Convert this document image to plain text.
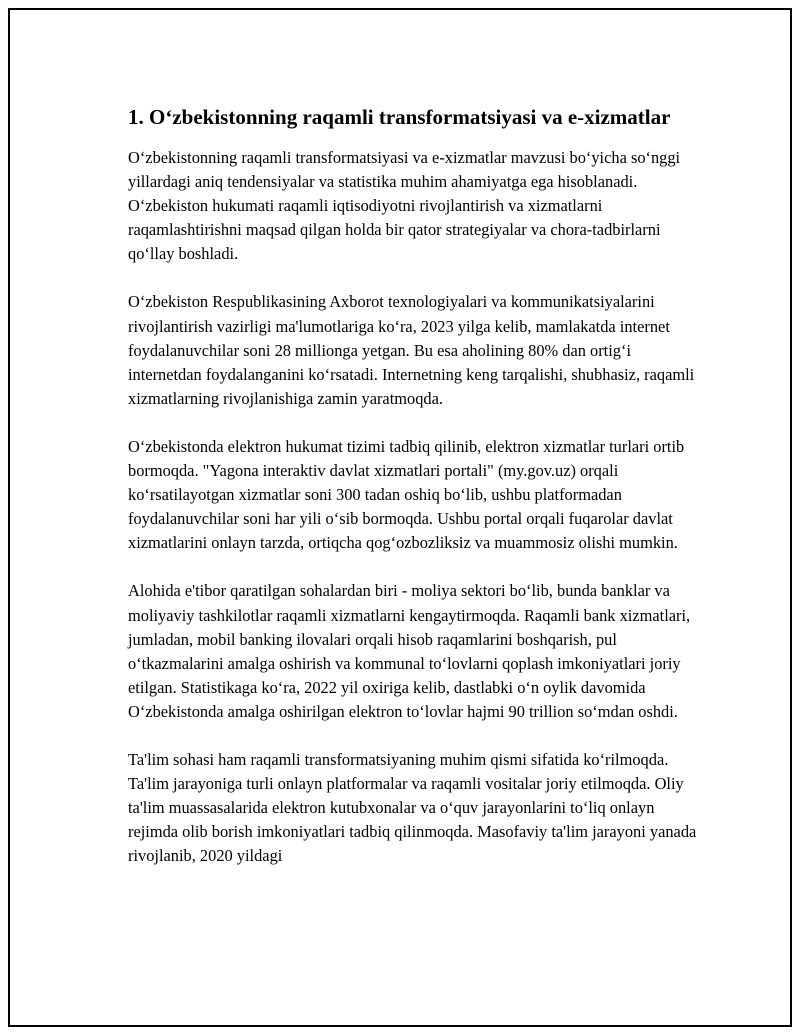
1. O‘zbekistonning raqamli transformatsiyasi va e-xizmatlar

O‘zbekistonning raqamli transformatsiyasi va e-xizmatlar mavzusi bo‘yicha so‘nggi yillardagi aniq tendensiyalar va statistika muhim ahamiyatga ega hisoblanadi. O‘zbekiston hukumati raqamli iqtisodiyotni rivojlantirish va xizmatlarni raqamlashtirishni maqsad qilgan holda bir qator strategiyalar va chora-tadbirlarni qo‘llay boshladi.

O‘zbekiston Respublikasining Axborot texnologiyalari va kommunikatsiyalarini rivojlantirish vazirligi ma'lumotlariga ko‘ra, 2023 yilga kelib, mamlakatda internet foydalanuvchilar soni 28 millionga yetgan. Bu esa aholining 80% dan ortig‘i internetdan foydalanganini ko‘rsatadi. Internetning keng tarqalishi, shubhasiz, raqamli xizmatlarning rivojlanishiga zamin yaratmoqda.

O‘zbekistonda elektron hukumat tizimi tadbiq qilinib, elektron xizmatlar turlari ortib bormoqda. "Yagona interaktiv davlat xizmatlari portali" (my.gov.uz) orqali ko‘rsatilayotgan xizmatlar soni 300 tadan oshiq bo‘lib, ushbu platformadan foydalanuvchilar soni har yili o‘sib bormoqda. Ushbu portal orqali fuqarolar davlat xizmatlarini onlayn tarzda, ortiqcha qog‘ozbozliksiz va muammosiz olishi mumkin.

Alohida e'tibor qaratilgan sohalardan biri - moliya sektori bo‘lib, bunda banklar va moliyaviy tashkilotlar raqamli xizmatlarni kengaytirmoqda. Raqamli bank xizmatlari, jumladan, mobil banking ilovalari orqali hisob raqamlarini boshqarish, pul o‘tkazmalarini amalga oshirish va kommunal to‘lovlarni qoplash imkoniyatlari joriy etilgan. Statistikaga ko‘ra, 2022 yil oxiriga kelib, dastlabki o‘n oylik davomida O‘zbekistonda amalga oshirilgan elektron to‘lovlar hajmi 90 trillion so‘mdan oshdi.

Ta'lim sohasi ham raqamli transformatsiyaning muhim qismi sifatida ko‘rilmoqda. Ta'lim jarayoniga turli onlayn platformalar va raqamli vositalar joriy etilmoqda. Oliy ta'lim muassasalarida elektron kutubxonalar va o‘quv jarayonlarini to‘liq onlayn rejimda olib borish imkoniyatlari tadbiq qilinmoqda. Masofaviy ta'lim jarayoni yanada rivojlanib, 2020 yildagi
